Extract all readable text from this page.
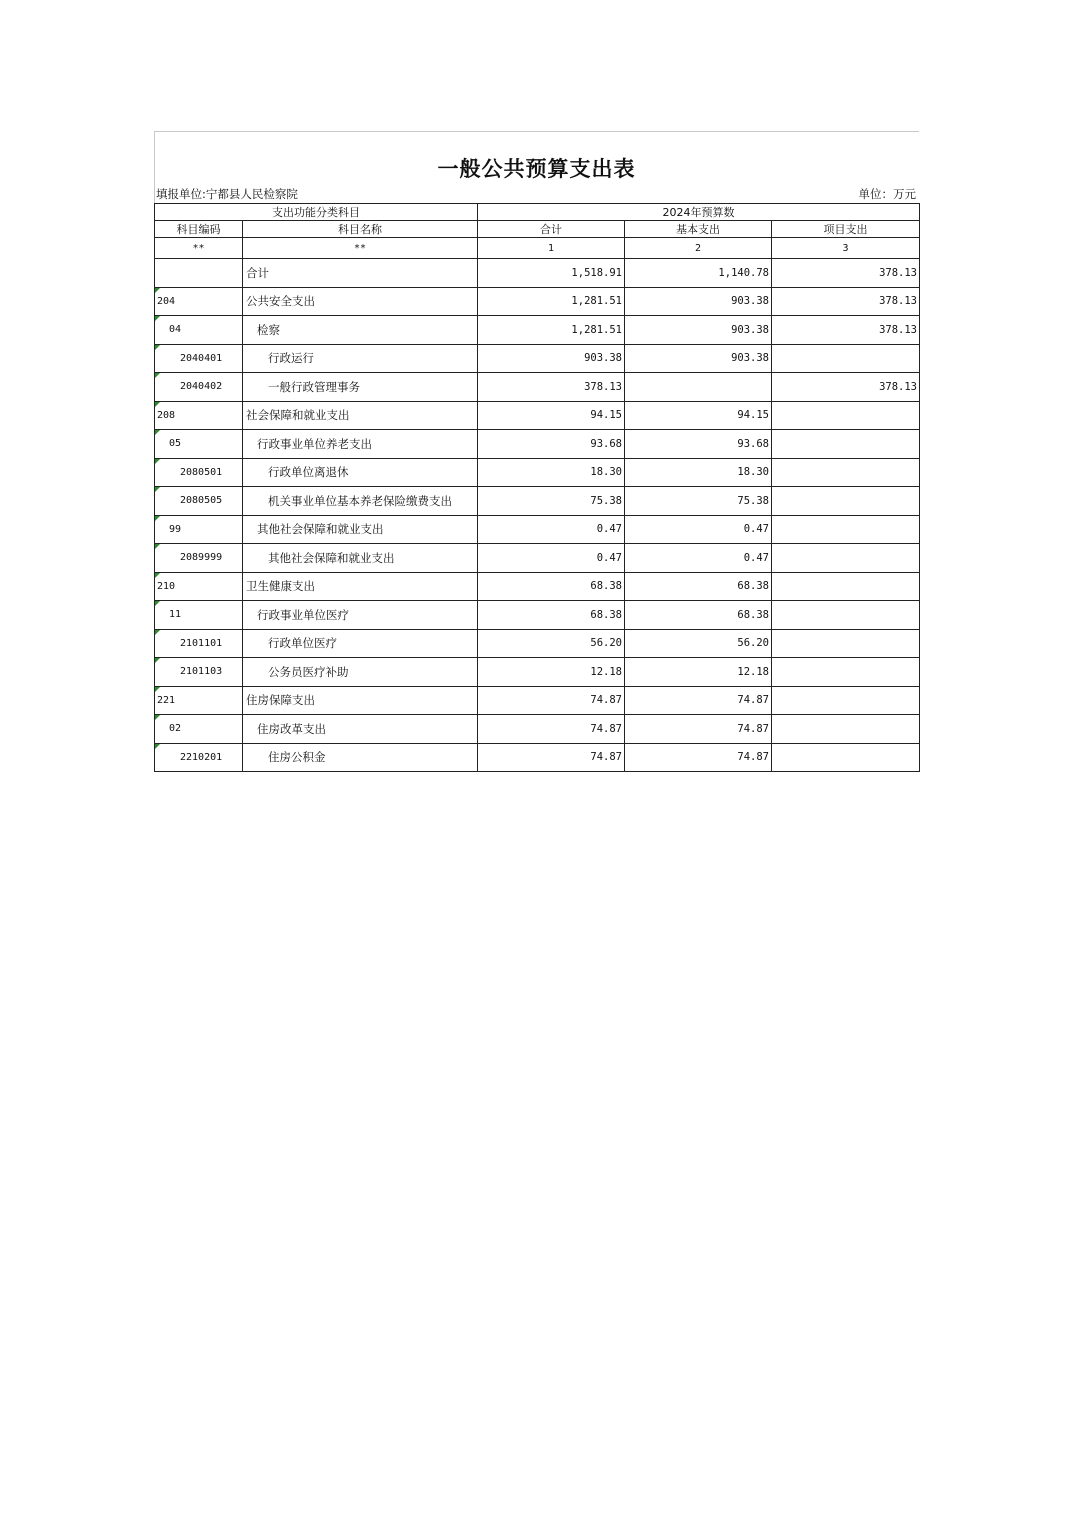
一般公共预算支出表
填报单位:宁都县人民检察院	单位：万元
支出功能分类科目		2024年预算数		
科目编码	科目名称	合计	基本支出	项目支出
**	**	1	2	3
	合计	1,518.91	1,140.78	378.13
204	公共安全支出	1,281.51	903.38	378.13
04	检察	1,281.51	903.38	378.13
2040401	行政运行	903.38	903.38	
2040402	一般行政管理事务	378.13		378.13
208	社会保障和就业支出	94.15	94.15	
05	行政事业单位养老支出	93.68	93.68	
2080501	行政单位离退休	18.30	18.30	
2080505	机关事业单位基本养老保险缴费支出	75.38	75.38	
99	其他社会保障和就业支出	0.47	0.47	
2089999	其他社会保障和就业支出	0.47	0.47	
210	卫生健康支出	68.38	68.38	
11	行政事业单位医疗	68.38	68.38	
2101101	行政单位医疗	56.20	56.20	
2101103	公务员医疗补助	12.18	12.18	
221	住房保障支出	74.87	74.87	
02	住房改革支出	74.87	74.87	
2210201	住房公积金	74.87	74.87	
